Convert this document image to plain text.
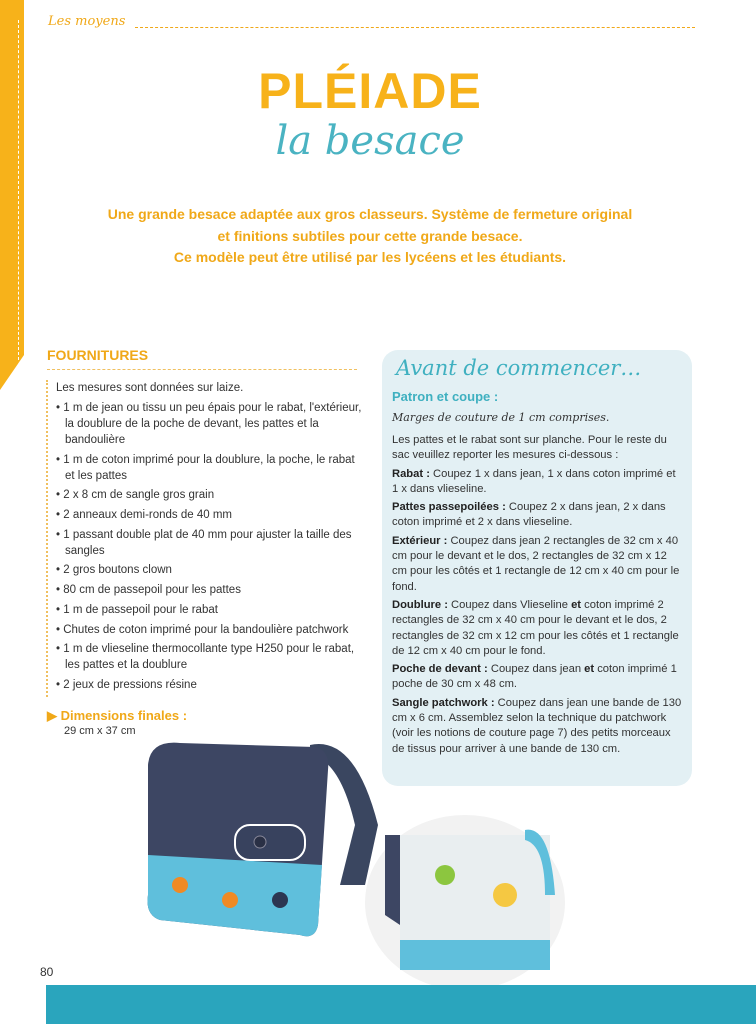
Les moyens
PLÉIADE
la besace
Une grande besace adaptée aux gros classeurs. Système de fermeture original
et finitions subtiles pour cette grande besace.
Ce modèle peut être utilisé par les lycéens et les étudiants.
FOURNITURES
Les mesures sont données sur laize.
• 1 m de jean ou tissu un peu épais pour le rabat, l'extérieur, la doublure de la poche de devant, les pattes et la bandoulière
• 1 m de coton imprimé pour la doublure, la poche, le rabat et les pattes
• 2 x 8 cm de sangle gros grain
• 2 anneaux demi-ronds de 40 mm
• 1 passant double plat de 40 mm pour ajuster la taille des sangles
• 2 gros boutons clown
• 80 cm de passepoil pour les pattes
• 1 m de passepoil pour le rabat
• Chutes de coton imprimé pour la bandoulière patchwork
• 1 m de vlieseline thermocollante type H250 pour le rabat, les pattes et la doublure
• 2 jeux de pressions résine
▶ Dimensions finales :
29 cm x 37 cm
Avant de commencer…
Patron et coupe :
Marges de couture de 1 cm comprises.

Les pattes et le rabat sont sur planche. Pour le reste du sac veuillez reporter les mesures ci-dessous :

Rabat : Coupez 1 x dans jean, 1 x dans coton imprimé et 1 x dans vlieseline.

Pattes passepoilées : Coupez 2 x dans jean, 2 x dans coton imprimé et 2 x dans vlieseline.

Extérieur : Coupez dans jean 2 rectangles de 32 cm x 40 cm pour le devant et le dos, 2 rectangles de 32 cm x 12 cm pour les côtés et 1 rectangle de 12 cm x 40 cm pour le fond.

Doublure : Coupez dans Vlieseline et coton imprimé 2 rectangles de 32 cm x 40 cm pour le devant et le dos, 2 rectangles de 32 cm x 12 cm pour les côtés et 1 rectangle de 12 cm x 40 cm pour le fond.

Poche de devant : Coupez dans jean et coton imprimé 1 poche de 30 cm x 48 cm.

Sangle patchwork : Coupez dans jean une bande de 130 cm x 6 cm. Assemblez selon la technique du patchwork (voir les notions de couture page 7) des petits morceaux de tissus pour arriver à une bande de 130 cm.

80
